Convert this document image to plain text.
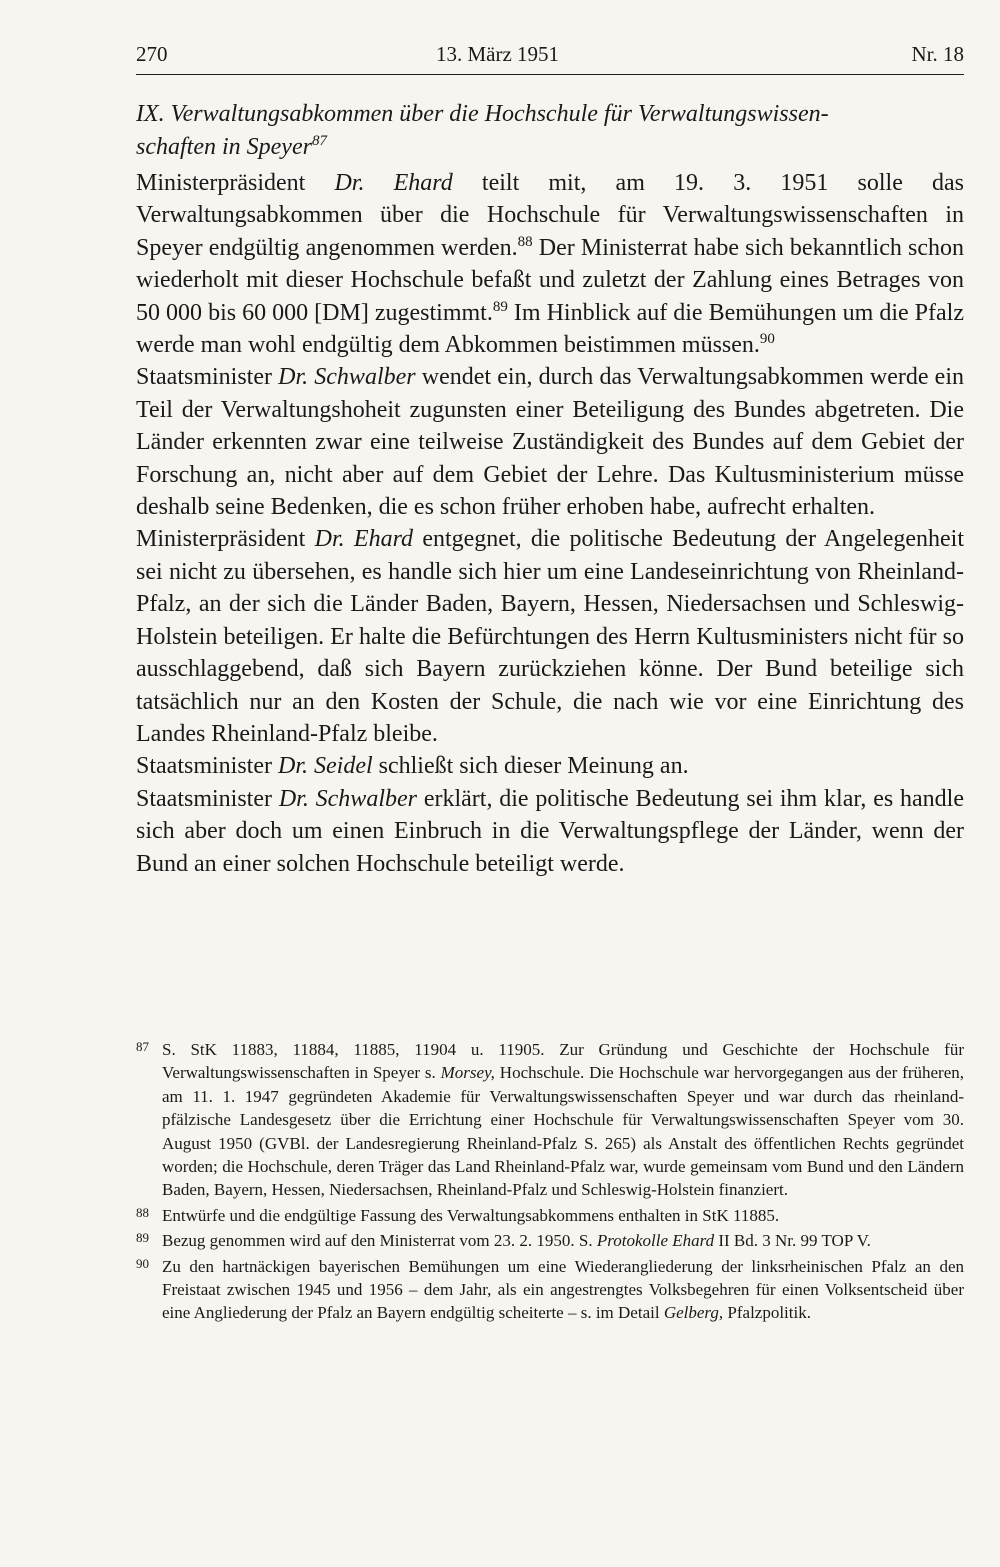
270	13. März 1951	Nr. 18

IX. Verwaltungsabkommen über die Hochschule für Verwaltungswissen-
schaften in Speyer$^{87}$

Ministerpräsident Dr. Ehard teilt mit, am 19. 3. 1951 solle das Verwaltungsabkommen über die Hochschule für Verwaltungswissenschaften in Speyer endgültig angenommen werden.$^{88}$ Der Ministerrat habe sich bekanntlich schon wiederholt mit dieser Hochschule befaßt und zuletzt der Zahlung eines Betrages von 50 000 bis 60 000 [DM] zugestimmt.$^{89}$ Im Hinblick auf die Bemühungen um die Pfalz werde man wohl endgültig dem Abkommen beistimmen müssen.$^{90}$

Staatsminister Dr. Schwalber wendet ein, durch das Verwaltungsabkommen werde ein Teil der Verwaltungshoheit zugunsten einer Beteiligung des Bundes abgetreten. Die Länder erkennten zwar eine teilweise Zuständigkeit des Bundes auf dem Gebiet der Forschung an, nicht aber auf dem Gebiet der Lehre. Das Kultusministerium müsse deshalb seine Bedenken, die es schon früher erhoben habe, aufrecht erhalten.

Ministerpräsident Dr. Ehard entgegnet, die politische Bedeutung der Angelegenheit sei nicht zu übersehen, es handle sich hier um eine Landeseinrichtung von Rheinland-Pfalz, an der sich die Länder Baden, Bayern, Hessen, Niedersachsen und Schleswig-Holstein beteiligen. Er halte die Befürchtungen des Herrn Kultusministers nicht für so ausschlaggebend, daß sich Bayern zurückziehen könne. Der Bund beteilige sich tatsächlich nur an den Kosten der Schule, die nach wie vor eine Einrichtung des Landes Rheinland-Pfalz bleibe.

Staatsminister Dr. Seidel schließt sich dieser Meinung an.

Staatsminister Dr. Schwalber erklärt, die politische Bedeutung sei ihm klar, es handle sich aber doch um einen Einbruch in die Verwaltungspflege der Länder, wenn der Bund an einer solchen Hochschule beteiligt werde.

87 S. StK 11883, 11884, 11885, 11904 u. 11905. Zur Gründung und Geschichte der Hochschule für Verwaltungswissenschaften in Speyer s. Morsey, Hochschule. Die Hochschule war hervorgegangen aus der früheren, am 11. 1. 1947 gegründeten Akademie für Verwaltungswissenschaften Speyer und war durch das rheinland-pfälzische Landesgesetz über die Errichtung einer Hochschule für Verwaltungswissenschaften Speyer vom 30. August 1950 (GVBl. der Landesregierung Rheinland-Pfalz S. 265) als Anstalt des öffentlichen Rechts gegründet worden; die Hochschule, deren Träger das Land Rheinland-Pfalz war, wurde gemeinsam vom Bund und den Ländern Baden, Bayern, Hessen, Niedersachsen, Rheinland-Pfalz und Schleswig-Holstein finanziert.

88 Entwürfe und die endgültige Fassung des Verwaltungsabkommens enthalten in StK 11885.

89 Bezug genommen wird auf den Ministerrat vom 23. 2. 1950. S. Protokolle Ehard II Bd. 3 Nr. 99 TOP V.

90 Zu den hartnäckigen bayerischen Bemühungen um eine Wiederangliederung der linksrheinischen Pfalz an den Freistaat zwischen 1945 und 1956 – dem Jahr, als ein angestrengtes Volksbegehren für einen Volksentscheid über eine Angliederung der Pfalz an Bayern endgültig scheiterte – s. im Detail Gelberg, Pfalzpolitik.
